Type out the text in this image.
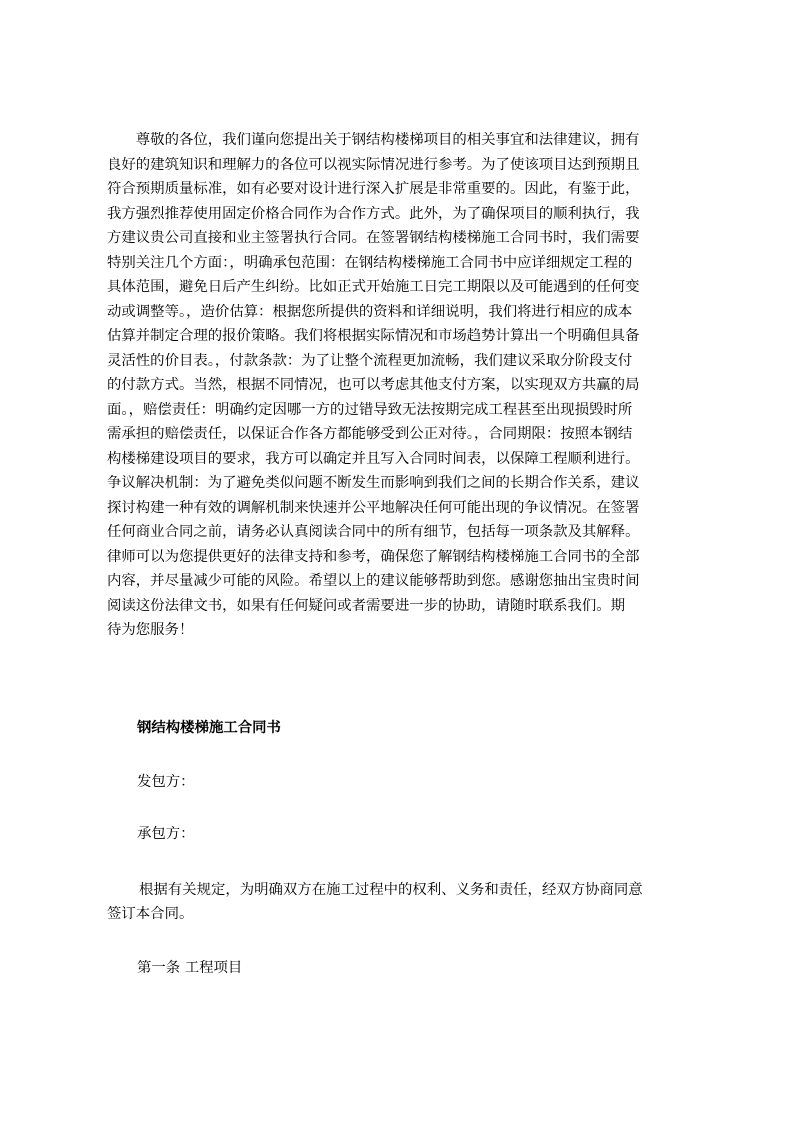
　　尊敬的各位，我们谨向您提出关于钢结构楼梯项目的相关事宜和法律建议，拥有
良好的建筑知识和理解力的各位可以视实际情况进行参考。为了使该项目达到预期且
符合预期质量标准，如有必要对设计进行深入扩展是非常重要的。因此，有鉴于此，
我方强烈推荐使用固定价格合同作为合作方式。此外，为了确保项目的顺利执行，我
方建议贵公司直接和业主签署执行合同。在签署钢结构楼梯施工合同书时，我们需要
特别关注几个方面：，明确承包范围：在钢结构楼梯施工合同书中应详细规定工程的
具体范围，避免日后产生纠纷。比如正式开始施工日完工期限以及可能遇到的任何变
动或调整等。，造价估算：根据您所提供的资料和详细说明，我们将进行相应的成本
估算并制定合理的报价策略。我们将根据实际情况和市场趋势计算出一个明确但具备
灵活性的价目表。，付款条款：为了让整个流程更加流畅，我们建议采取分阶段支付
的付款方式。当然，根据不同情况，也可以考虑其他支付方案，以实现双方共赢的局
面。，赔偿责任：明确约定因哪一方的过错导致无法按期完成工程甚至出现损毁时所
需承担的赔偿责任，以保证合作各方都能够受到公正对待。，合同期限：按照本钢结
构楼梯建设项目的要求，我方可以确定并且写入合同时间表，以保障工程顺利进行。
争议解决机制：为了避免类似问题不断发生而影响到我们之间的长期合作关系，建议
探讨构建一种有效的调解机制来快速并公平地解决任何可能出现的争议情况。在签署
任何商业合同之前，请务必认真阅读合同中的所有细节，包括每一项条款及其解释。
律师可以为您提供更好的法律支持和参考，确保您了解钢结构楼梯施工合同书的全部
内容，并尽量减少可能的风险。希望以上的建议能够帮助到您。感谢您抽出宝贵时间
阅读这份法律文书，如果有任何疑问或者需要进一步的协助，请随时联系我们。期
待为您服务！
钢结构楼梯施工合同书
发包方：
承包方：
根据有关规定，为明确双方在施工过程中的权利、义务和责任，经双方协商同意
签订本合同。
第一条 工程项目
